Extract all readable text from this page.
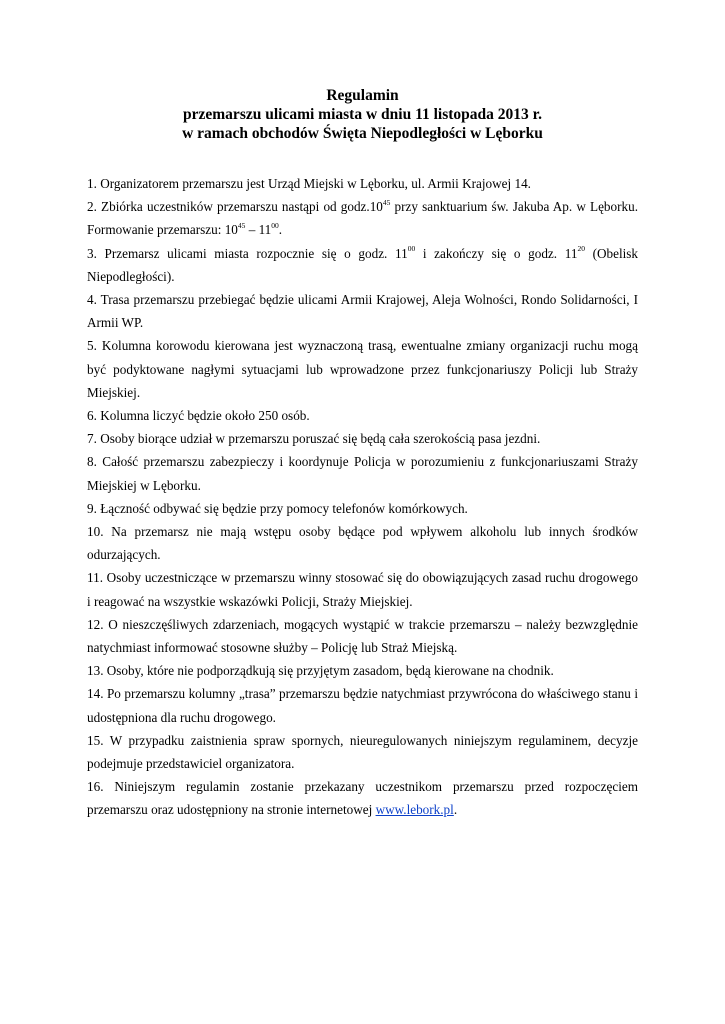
Regulamin
przemarszu ulicami miasta w dniu 11 listopada 2013 r.
w ramach obchodów Święta Niepodległości w Lęborku

1. Organizatorem przemarszu jest Urząd Miejski w Lęborku, ul. Armii Krajowej 14.

2. Zbiórka uczestników przemarszu nastąpi od $godz.10^{45}$ przy sanktuarium św. Jakuba Ap. w Lęborku. Formowanie przemarszu: $10^{45} - 11^{00}$.

3. Przemarsz ulicami miasta rozpocznie się o godz. $11^{00}$ i zakończy się o godz. $11^{20}$ (Obelisk Niepodległości).

4. Trasa przemarszu przebiegać będzie ulicami Armii Krajowej, Aleja Wolności, Rondo Solidarności, I Armii WP.

5. Kolumna korowodu kierowana jest wyznaczoną trasą, ewentualne zmiany organizacji ruchu mogą być podyktowane nagłymi sytuacjami lub wprowadzone przez funkcjonariuszy Policji lub Straży Miejskiej.

6. Kolumna liczyć będzie około 250 osób.

7. Osoby biorące udział w przemarszu poruszać się będą cała szerokością pasa jezdni.

8. Całość przemarszu zabezpieczy i koordynuje Policja w porozumieniu z funkcjonariuszami Straży Miejskiej w Lęborku.

9. Łączność odbywać się będzie przy pomocy telefonów komórkowych.

10. Na przemarsz nie mają wstępu osoby będące pod wpływem alkoholu lub innych środków odurzających.

11. Osoby uczestniczące w przemarszu winny stosować się do obowiązujących zasad ruchu drogowego i reagować na wszystkie wskazówki Policji, Straży Miejskiej.

12. O nieszczęśliwych zdarzeniach, mogących wystąpić w trakcie przemarszu – należy bezwzględnie natychmiast informować stosowne służby – Policję lub Straż Miejską.

13. Osoby, które nie podporządkują się przyjętym zasadom, będą kierowane na chodnik.

14. Po przemarszu kolumny „trasa” przemarszu będzie natychmiast przywrócona do właściwego stanu i udostępniona dla ruchu drogowego.

15. W przypadku zaistnienia spraw spornych, nieuregulowanych niniejszym regulaminem, decyzje podejmuje przedstawiciel organizatora.

16. Niniejszym regulamin zostanie przekazany uczestnikom przemarszu przed rozpoczęciem przemarszu oraz udostępniony na stronie internetowej www.lebork.pl.
